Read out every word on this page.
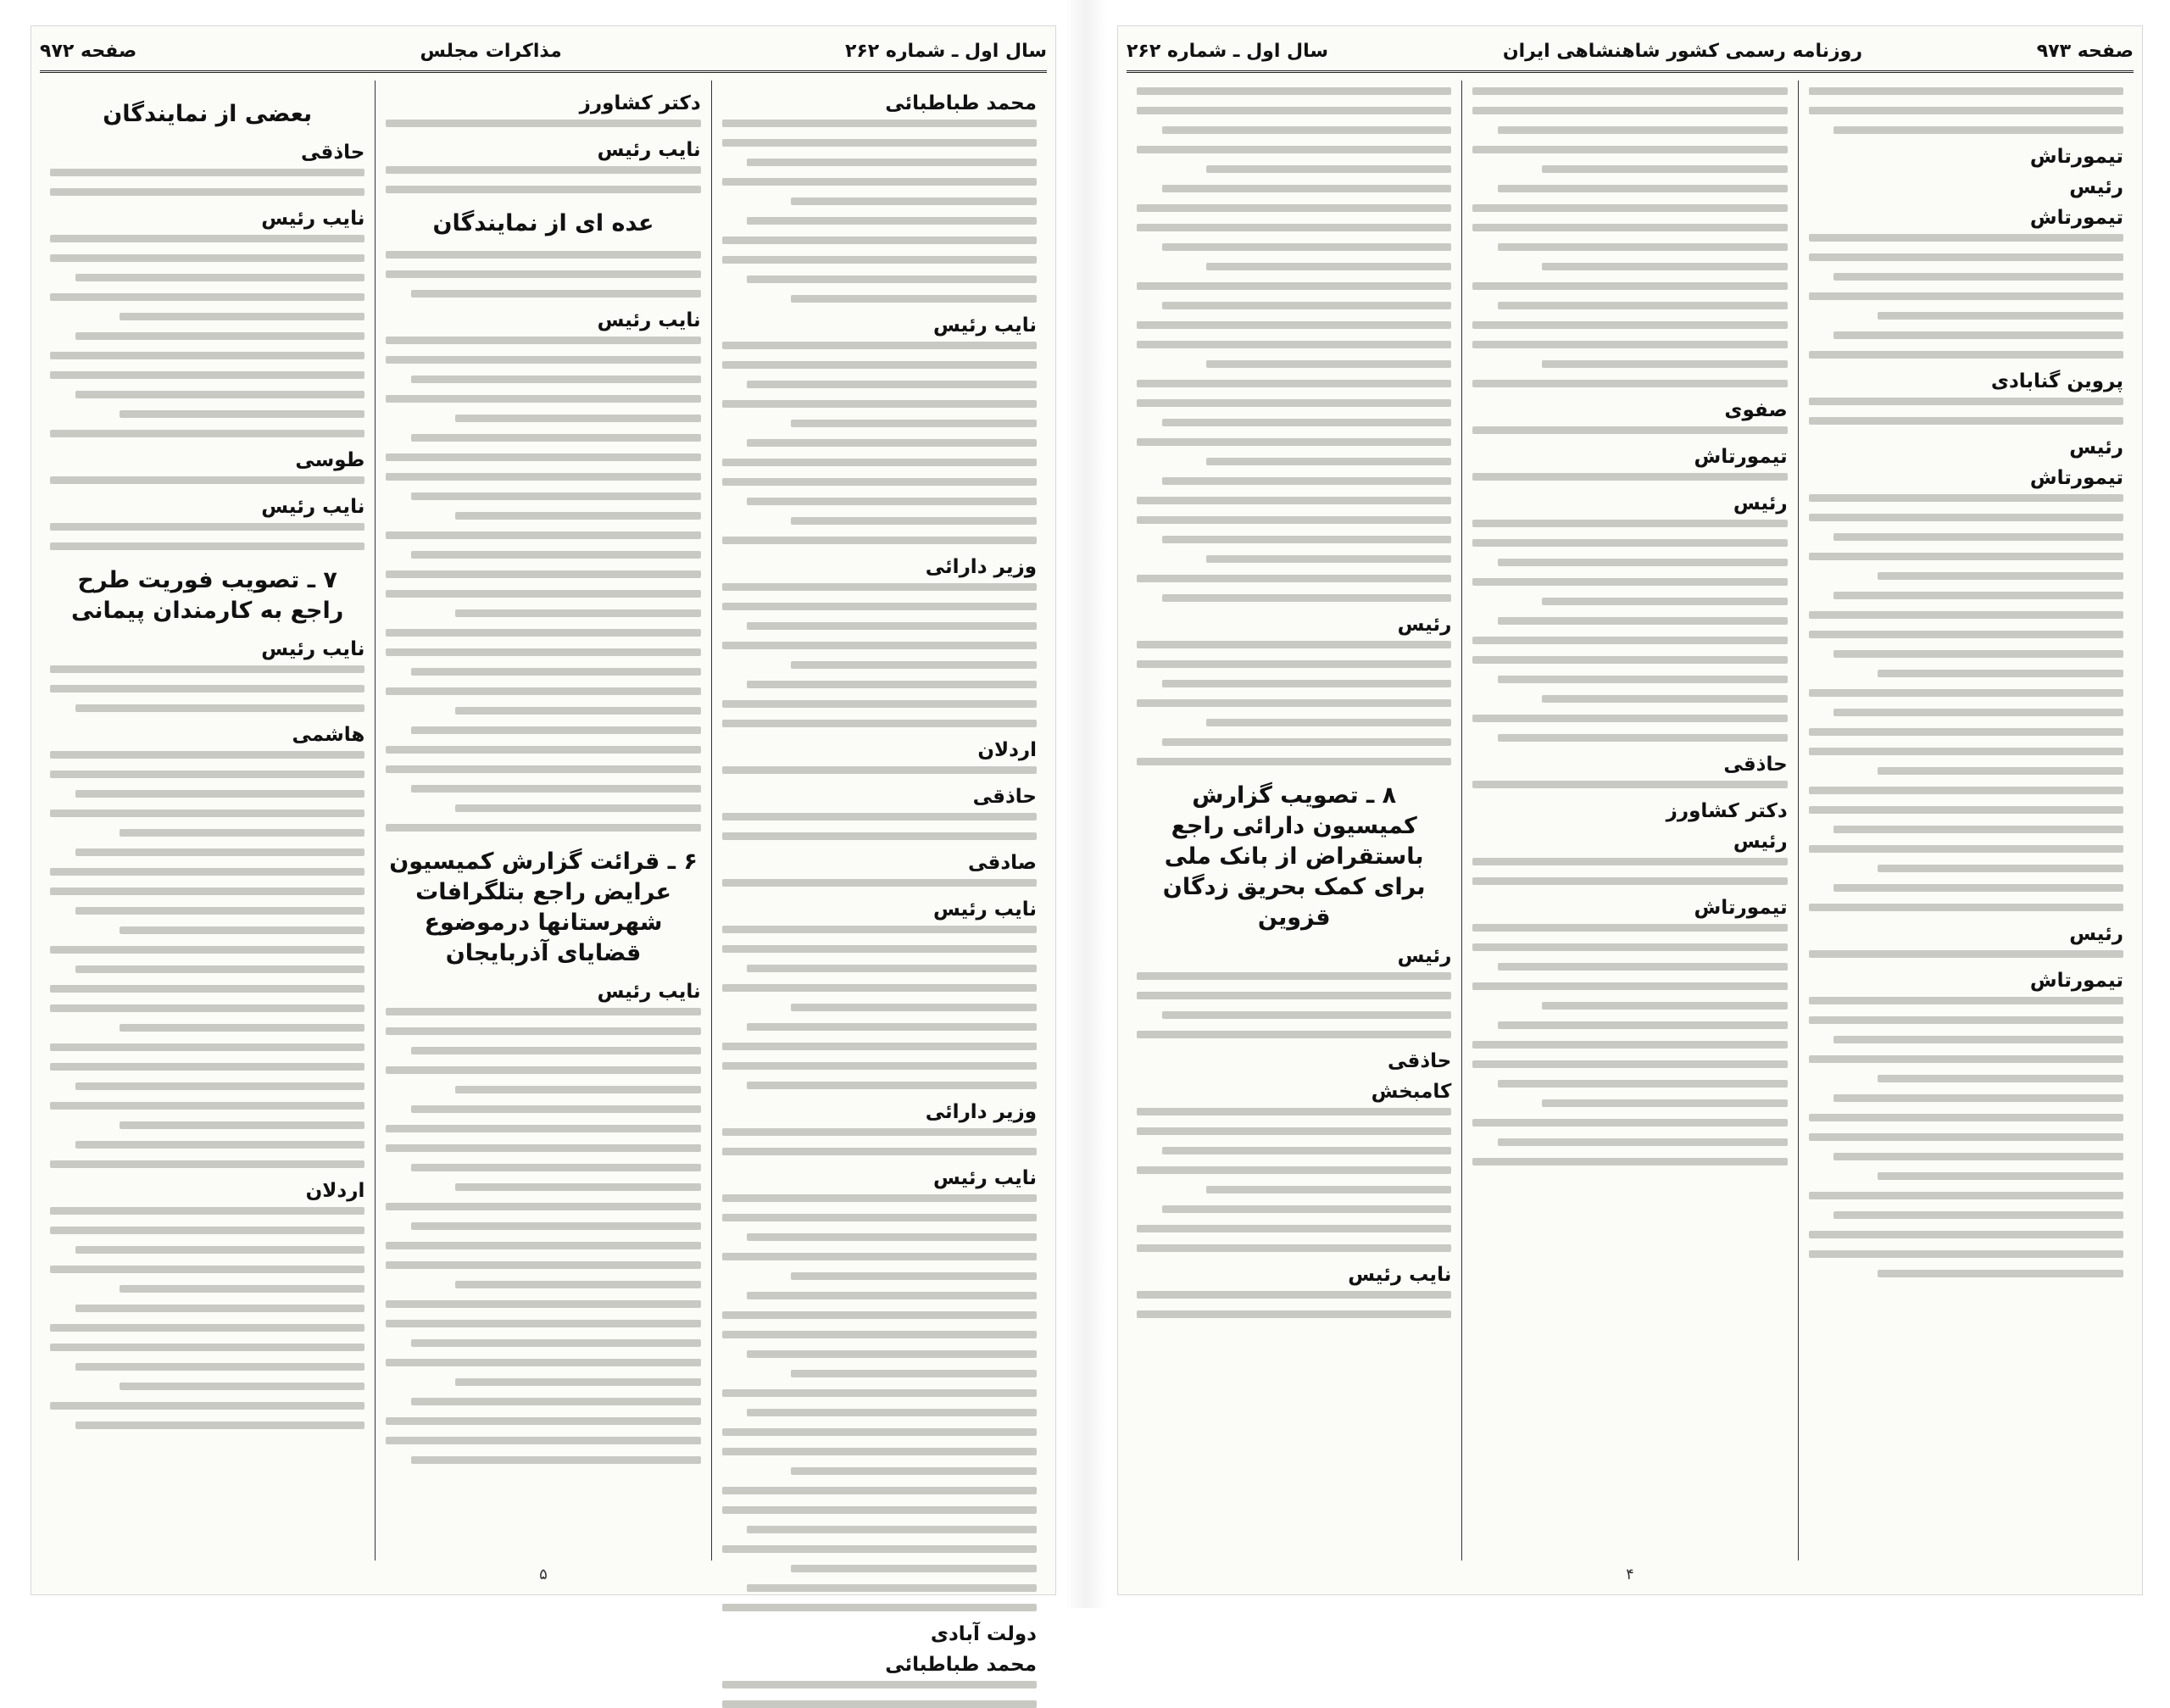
سال اول ـ شماره ۲۶۲
مذاکرات مجلس
صفحه ۹۷۲
محمد طباطبائی
نایب رئیس
وزیر دارائی
اردلان
حاذقی
صادقی
نایب رئیس
وزیر دارائی
نایب رئیس
دولت آبادی
محمد طباطبائی
دکتر کشاورز
نایب رئیس
عده ای از نمایندگان
نایب رئیس
۶ ـ قرائت گزارش کمیسیون عرایض راجع بتلگرافات شهرستانها درموضوع قضایای آذربایجان
نایب رئیس
بعضی از نمایندگان
حاذقی
نایب رئیس
طوسی
نایب رئیس
۷ ـ تصویب فوریت طرح راجع به کارمندان پیمانی
نایب رئیس
هاشمی
اردلان
۵
صفحه ۹۷۳
روزنامه رسمی کشور شاهنشاهی ایران
سال اول ـ شماره ۲۶۲
تیمورتاش
رئیس
تیمورتاش
پروین گنابادی
رئیس
تیمورتاش
رئیس
تیمورتاش
صفوی
تیمورتاش
رئیس
حاذقی
دکتر کشاورز
رئیس
تیمورتاش
رئیس
۸ ـ تصویب گزارش کمیسیون دارائی راجع باستقراض از بانک ملی برای کمک بحریق زدگان قزوین
رئیس
حاذقی
کامبخش
نایب رئیس
۴
